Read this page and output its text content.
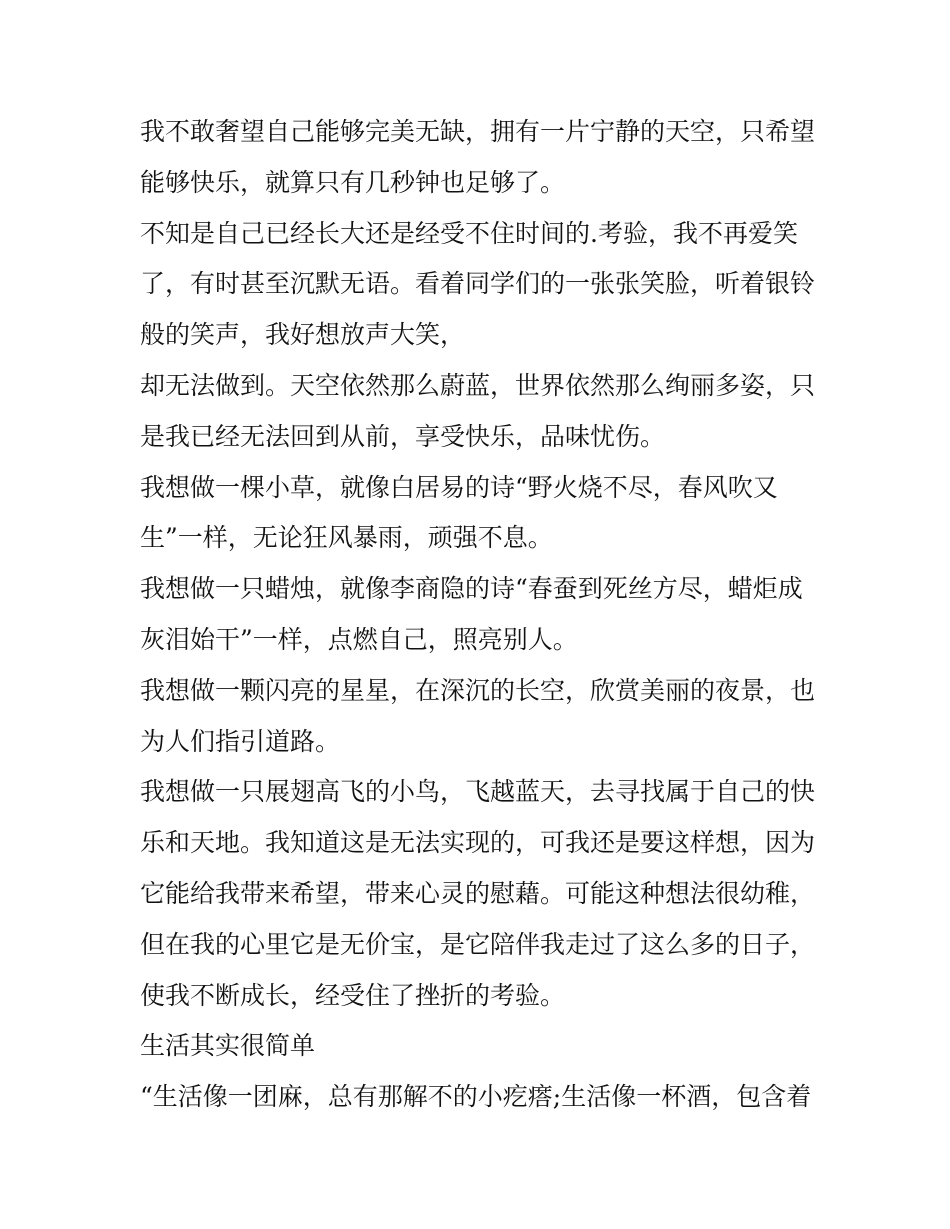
我不敢奢望自己能够完美无缺，拥有一片宁静的天空，只希望
能够快乐，就算只有几秒钟也足够了。
不知是自己已经长大还是经受不住时间的.考验，我不再爱笑
了，有时甚至沉默无语。看着同学们的一张张笑脸，听着银铃
般的笑声，我好想放声大笑，
却无法做到。天空依然那么蔚蓝，世界依然那么绚丽多姿，只
是我已经无法回到从前，享受快乐，品味忧伤。
我想做一棵小草，就像白居易的诗“野火烧不尽，春风吹又
生”一样，无论狂风暴雨，顽强不息。
我想做一只蜡烛，就像李商隐的诗“春蚕到死丝方尽，蜡炬成
灰泪始干”一样，点燃自己，照亮别人。
我想做一颗闪亮的星星，在深沉的长空，欣赏美丽的夜景，也
为人们指引道路。
我想做一只展翅高飞的小鸟，飞越蓝天，去寻找属于自己的快
乐和天地。我知道这是无法实现的，可我还是要这样想，因为
它能给我带来希望，带来心灵的慰藉。可能这种想法很幼稚，
但在我的心里它是无价宝，是它陪伴我走过了这么多的日子，
使我不断成长，经受住了挫折的考验。
生活其实很简单
“生活像一团麻，总有那解不的小疙瘩;生活像一杯酒，包含着
